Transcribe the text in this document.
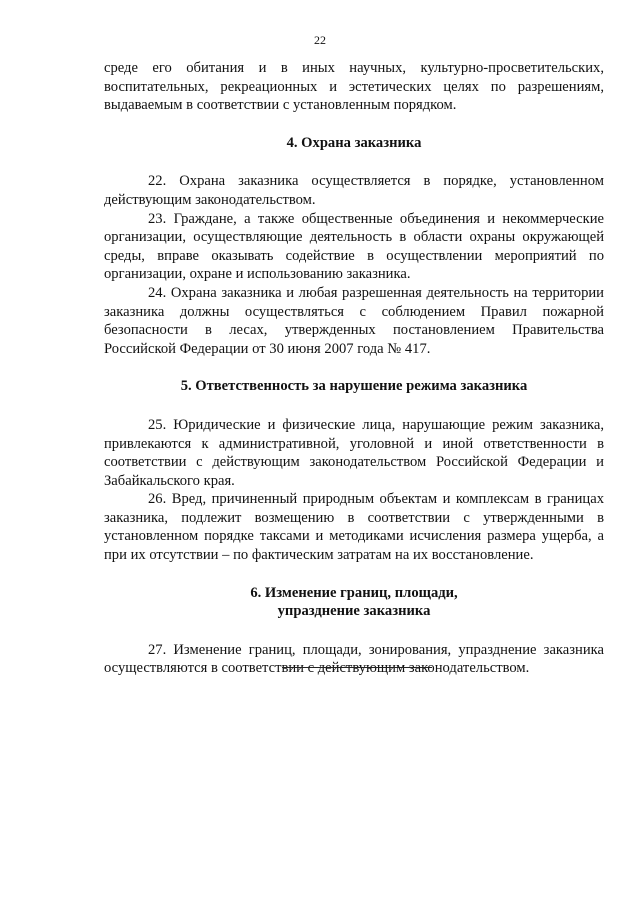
22

среде его обитания и в иных научных, культурно-просветительских, воспитательных, рекреационных и эстетических целях по разрешениям, выдаваемым в соответствии с установленным порядком.

4. Охрана заказника

22. Охрана заказника осуществляется в порядке, установленном действующим законодательством.

23. Граждане, а также общественные объединения и некоммерческие организации, осуществляющие деятельность в области охраны окружающей среды, вправе оказывать содействие в осуществлении мероприятий по организации, охране и использованию заказника.

24. Охрана заказника и любая разрешенная деятельность на территории заказника должны осуществляться с соблюдением Правил пожарной безопасности в лесах, утвержденных постановлением Правительства Российской Федерации от 30 июня 2007 года № 417.

5. Ответственность за нарушение режима заказника

25. Юридические и физические лица, нарушающие режим заказника, привлекаются к административной, уголовной и иной ответственности в соответствии с действующим законодательством Российской Федерации и Забайкальского края.

26. Вред, причиненный природным объектам и комплексам в границах заказника, подлежит возмещению в соответствии с утвержденными в установленном порядке таксами и методиками исчисления размера ущерба, а при их отсутствии – по фактическим затратам на их восстановление.

6. Изменение границ, площади,
упразднение заказника

27. Изменение границ, площади, зонирования, упразднение заказника осуществляются в соответствии с действующим законодательством.
